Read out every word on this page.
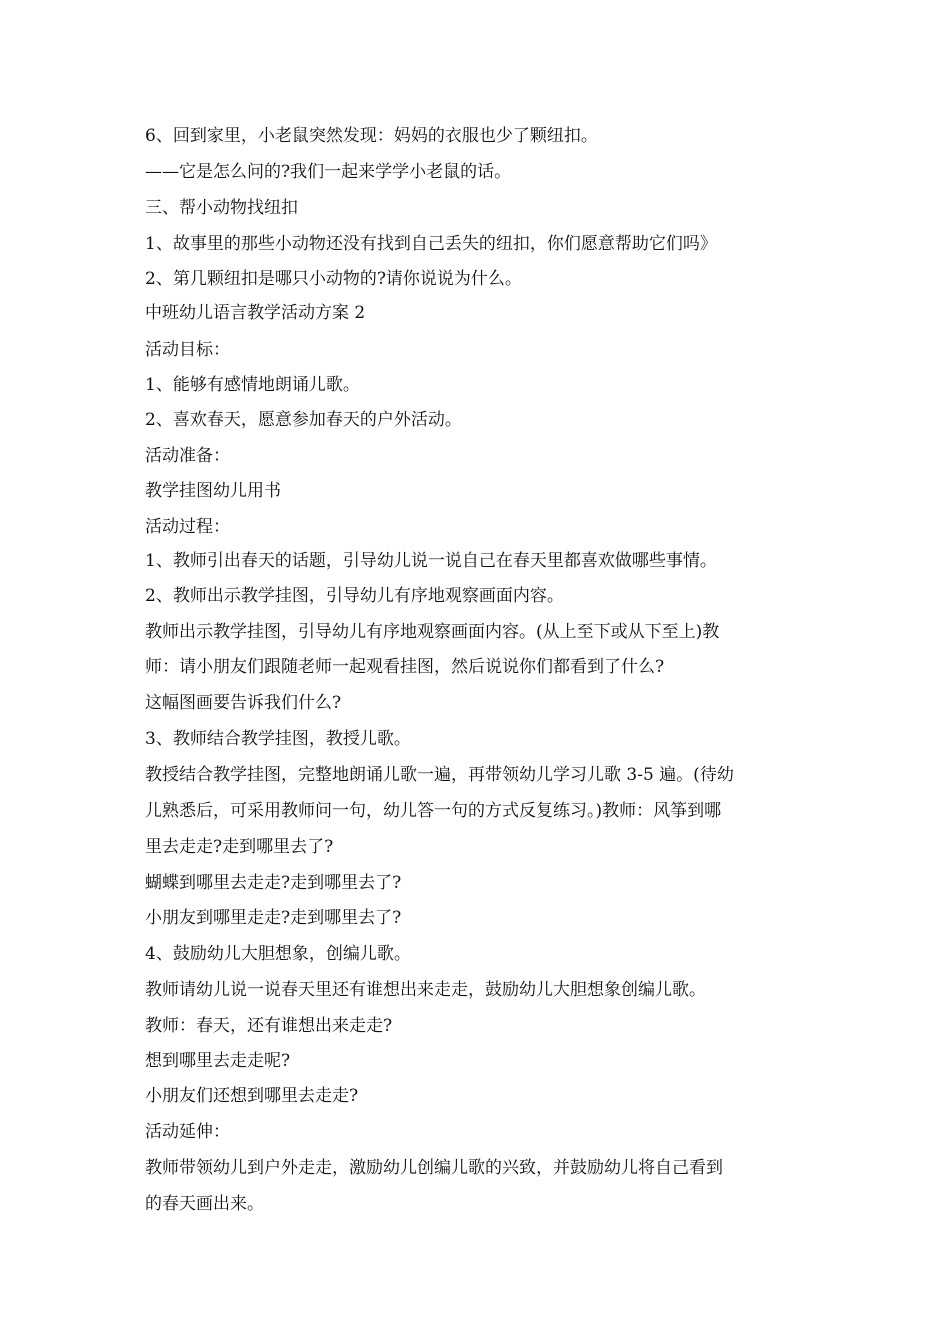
6、回到家里，小老鼠突然发现：妈妈的衣服也少了颗纽扣。

——它是怎么问的?我们一起来学学小老鼠的话。

三、帮小动物找纽扣

1、故事里的那些小动物还没有找到自己丢失的纽扣，你们愿意帮助它们吗》

2、第几颗纽扣是哪只小动物的?请你说说为什么。

中班幼儿语言教学活动方案 2

活动目标：

1、能够有感情地朗诵儿歌。

2、喜欢春天，愿意参加春天的户外活动。

活动准备：

教学挂图幼儿用书

活动过程：

1、教师引出春天的话题，引导幼儿说一说自己在春天里都喜欢做哪些事情。

2、教师出示教学挂图，引导幼儿有序地观察画面内容。

教师出示教学挂图，引导幼儿有序地观察画面内容。(从上至下或从下至上)教

师：请小朋友们跟随老师一起观看挂图，然后说说你们都看到了什么?

这幅图画要告诉我们什么?

3、教师结合教学挂图，教授儿歌。

教授结合教学挂图，完整地朗诵儿歌一遍，再带领幼儿学习儿歌 3-5 遍。(待幼

儿熟悉后，可采用教师问一句，幼儿答一句的方式反复练习。)教师：风筝到哪

里去走走?走到哪里去了?

蝴蝶到哪里去走走?走到哪里去了?

小朋友到哪里走走?走到哪里去了?

4、鼓励幼儿大胆想象，创编儿歌。

教师请幼儿说一说春天里还有谁想出来走走，鼓励幼儿大胆想象创编儿歌。

教师：春天，还有谁想出来走走?

想到哪里去走走呢?

小朋友们还想到哪里去走走?

活动延伸：

教师带领幼儿到户外走走，激励幼儿创编儿歌的兴致，并鼓励幼儿将自己看到

的春天画出来。
